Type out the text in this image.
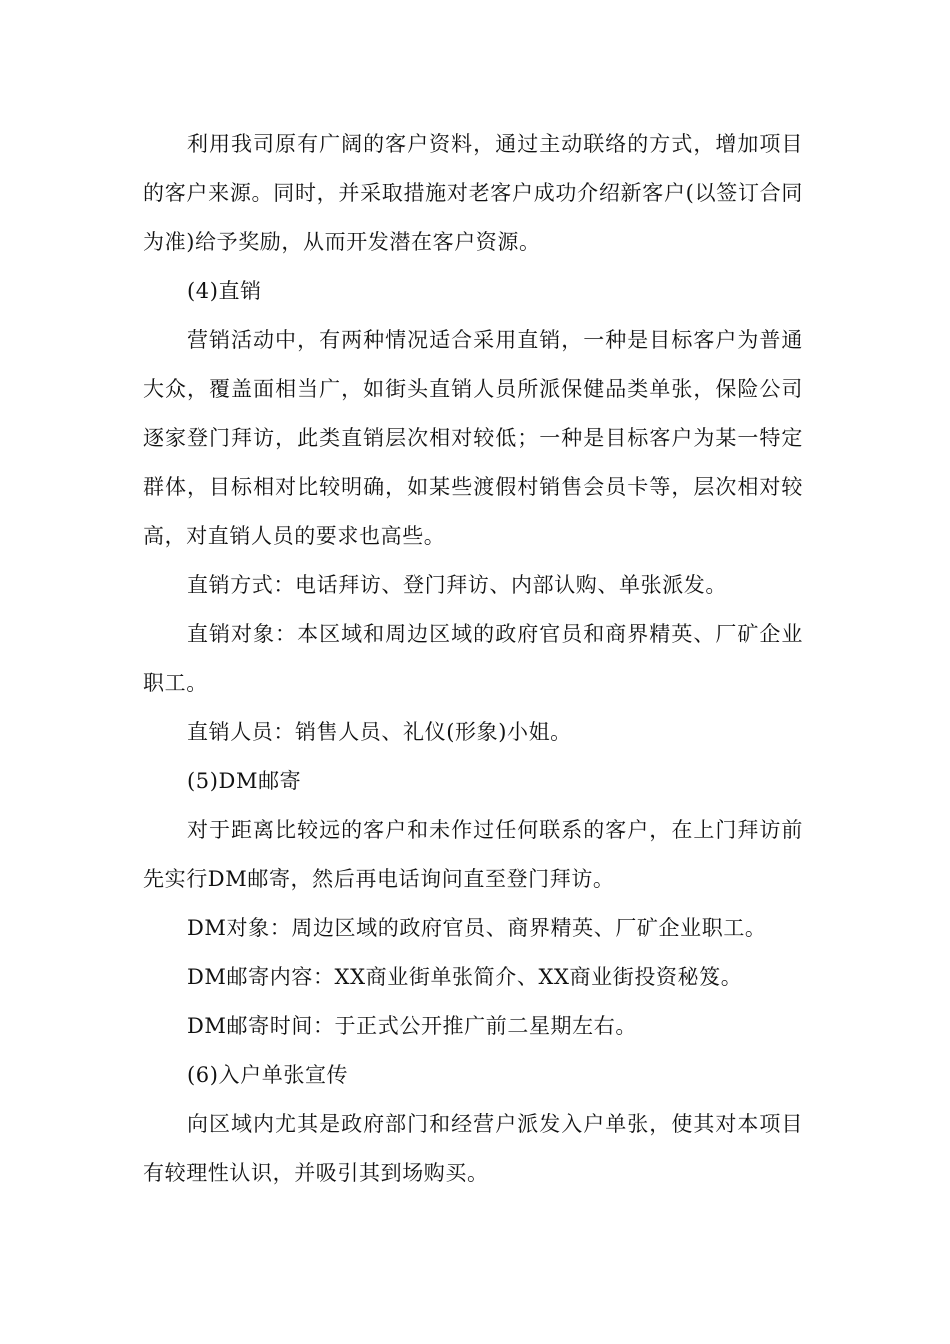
利用我司原有广阔的客户资料，通过主动联络的方式，增加项目的客户来源。同时，并采取措施对老客户成功介绍新客户(以签订合同为准)给予奖励，从而开发潜在客户资源。

(4)直销

营销活动中，有两种情况适合采用直销，一种是目标客户为普通大众，覆盖面相当广，如街头直销人员所派保健品类单张，保险公司逐家登门拜访，此类直销层次相对较低；一种是目标客户为某一特定群体，目标相对比较明确，如某些渡假村销售会员卡等，层次相对较高，对直销人员的要求也高些。

直销方式：电话拜访、登门拜访、内部认购、单张派发。

直销对象：本区域和周边区域的政府官员和商界精英、厂矿企业职工。

直销人员：销售人员、礼仪(形象)小姐。

(5)DM邮寄

对于距离比较远的客户和未作过任何联系的客户，在上门拜访前先实行DM邮寄，然后再电话询问直至登门拜访。

DM对象：周边区域的政府官员、商界精英、厂矿企业职工。

DM邮寄内容：XX商业街单张简介、XX商业街投资秘笈。

DM邮寄时间：于正式公开推广前二星期左右。

(6)入户单张宣传

向区域内尤其是政府部门和经营户派发入户单张，使其对本项目有较理性认识，并吸引其到场购买。
